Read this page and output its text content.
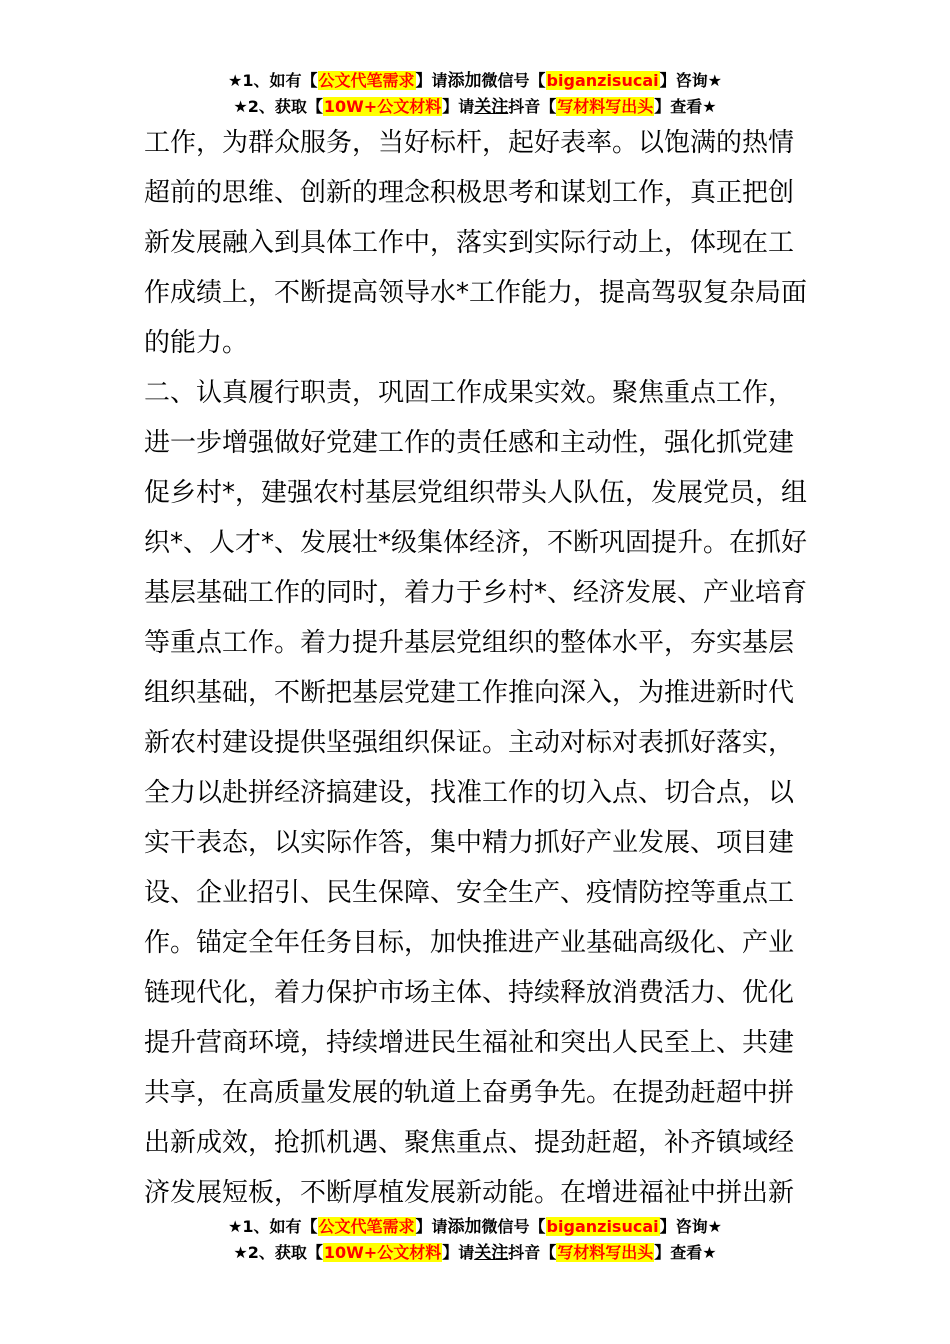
★1、如有【公文代笔需求】请添加微信号【biganzisucai】咨询★
★2、获取【10W+公文材料】请关注抖音【写材料写出头】查看★
工作，为群众服务，当好标杆，起好表率。以饱满的热情
超前的思维、创新的理念积极思考和谋划工作，真正把创
新发展融入到具体工作中，落实到实际行动上，体现在工
作成绩上，不断提高领导水*工作能力，提高驾驭复杂局面
的能力。
二、认真履行职责，巩固工作成果实效。聚焦重点工作，
进一步增强做好党建工作的责任感和主动性，强化抓党建
促乡村*，建强农村基层党组织带头人队伍，发展党员，组
织*、人才*、发展壮*级集体经济，不断巩固提升。在抓好
基层基础工作的同时，着力于乡村*、经济发展、产业培育
等重点工作。着力提升基层党组织的整体水平，夯实基层
组织基础，不断把基层党建工作推向深入，为推进新时代
新农村建设提供坚强组织保证。主动对标对表抓好落实，
全力以赴拼经济搞建设，找准工作的切入点、切合点，以
实干表态，以实际作答，集中精力抓好产业发展、项目建
设、企业招引、民生保障、安全生产、疫情防控等重点工
作。锚定全年任务目标，加快推进产业基础高级化、产业
链现代化，着力保护市场主体、持续释放消费活力、优化
提升营商环境，持续增进民生福祉和突出人民至上、共建
共享，在高质量发展的轨道上奋勇争先。在提劲赶超中拼
出新成效，抢抓机遇、聚焦重点、提劲赶超，补齐镇域经
济发展短板，不断厚植发展新动能。在增进福祉中拼出新
★1、如有【公文代笔需求】请添加微信号【biganzisucai】咨询★
★2、获取【10W+公文材料】请关注抖音【写材料写出头】查看★
